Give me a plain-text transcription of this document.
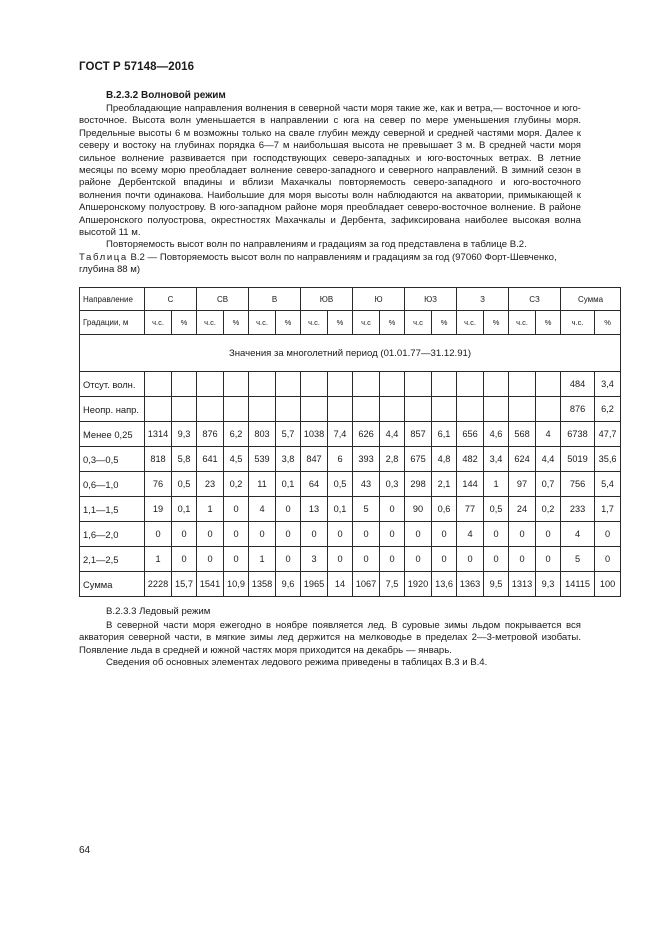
ГОСТ Р 57148—2016
В.2.3.2 Волновой режим

Преобладающие направления волнения в северной части моря такие же, как и ветра,— восточное и юго-восточное. Высота волн уменьшается в направлении с юга на север по мере уменьшения глубины моря. Предельные высоты 6 м возможны только на свале глубин между северной и средней частями моря. Далее к северу и востоку на глубинах порядка 6—7 м наибольшая высота не превышает 3 м. В средней части моря сильное волнение развивается при господствующих северо-западных и юго-восточных ветрах. В летние месяцы по всему морю преобладает волнение северо-западного и северного направлений. В зимний сезон в районе Дербентской впадины и вблизи Махачкалы повторяемость северо-западного и юго-восточного волнения почти одинакова. Наибольшие для моря высоты волн наблюдаются на акватории, примыкающей к Апшеронскому полуострову. В юго-западном районе моря преобладает северо-восточное волнение. В районе Апшеронского полуострова, окрестностях Махачкалы и Дербента, зафиксирована наиболее высокая волна высотой 11 м.

Повторяемость высот волн по направлениям и градациям за год представлена в таблице В.2.

Таблица В.2 — Повторяемость высот волн по направлениям и градациям за год (97060 Форт-Шевченко, глубина 88 м)
Направление	С		СВ		В		ЮВ		Ю		ЮЗ		З		СЗ		Сумма	
Градации, м	ч.с.	%	ч.с.	%	ч.с.	%	ч.с.	%	ч.с	%	ч.с	%	ч.с.	%	ч.с.	%	ч.с.	%
Значения за многолетний период (01.01.77—31.12.91)																		
Отсут. волн.																	484	3,4
Неопр. напр.																	876	6,2
Менее 0,25	1314	9,3	876	6,2	803	5,7	1038	7,4	626	4,4	857	6,1	656	4,6	568	4	6738	47,7
0,3—0,5	818	5,8	641	4,5	539	3,8	847	6	393	2,8	675	4,8	482	3,4	624	4,4	5019	35,6
0,6—1,0	76	0,5	23	0,2	11	0,1	64	0,5	43	0,3	298	2,1	144	1	97	0,7	756	5,4
1,1—1,5	19	0,1	1	0	4	0	13	0,1	5	0	90	0,6	77	0,5	24	0,2	233	1,7
1,6—2,0	0	0	0	0	0	0	0	0	0	0	0	0	4	0	0	0	4	0
2,1—2,5	1	0	0	0	1	0	3	0	0	0	0	0	0	0	0	0	5	0
Сумма	2228	15,7	1541	10,9	1358	9,6	1965	14	1067	7,5	1920	13,6	1363	9,5	1313	9,3	14115	100
В.2.3.3 Ледовый режим

В северной части моря ежегодно в ноябре появляется лед. В суровые зимы льдом покрывается вся акватория северной части, в мягкие зимы лед держится на мелководье в пределах 2—3-метровой изобаты. Появление льда в средней и южной частях моря приходится на декабрь — январь.

Сведения об основных элементах ледового режима приведены в таблицах В.3 и В.4.

64
